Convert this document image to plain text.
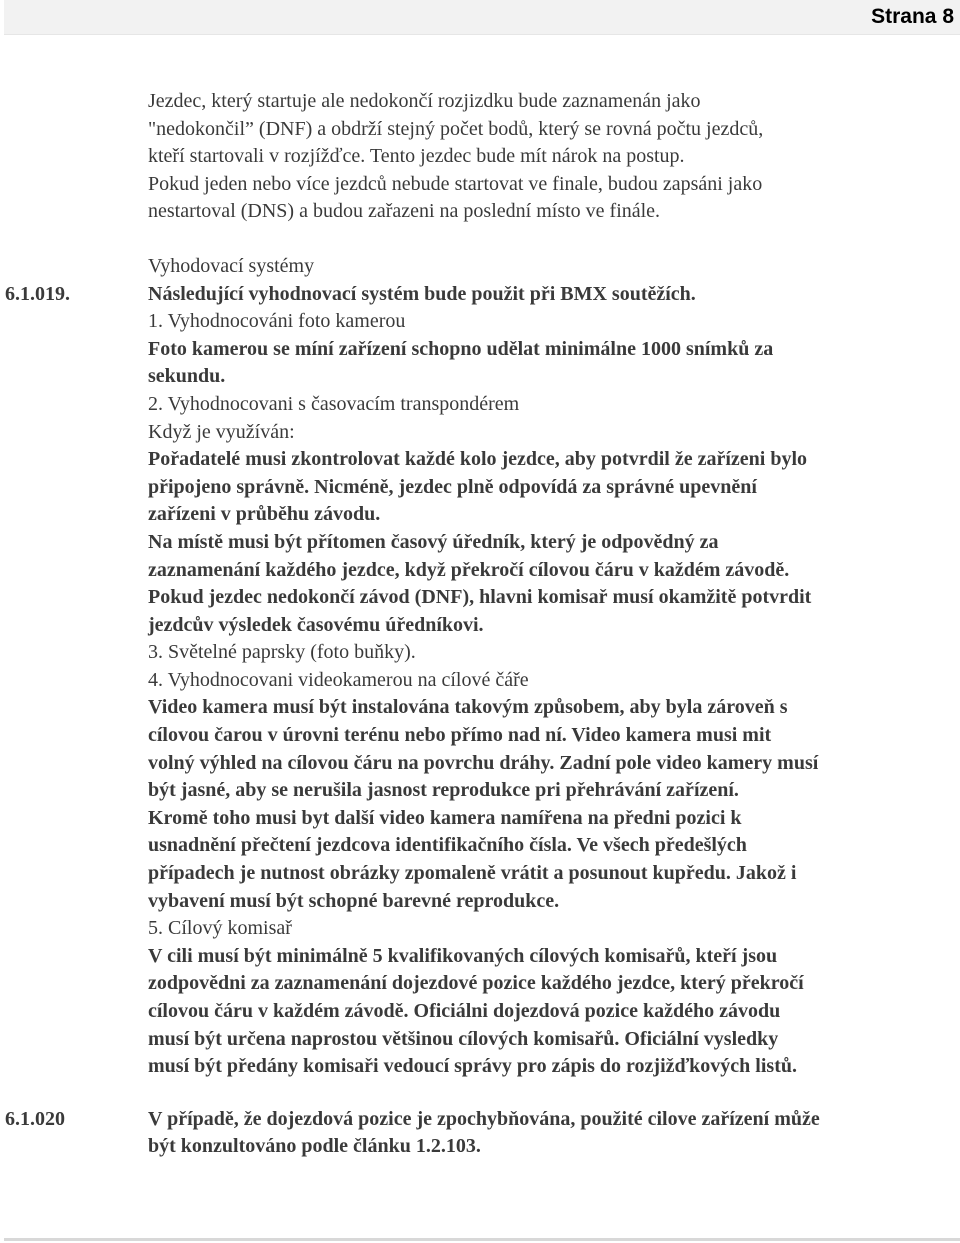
Strana 8
Jezdec, který startuje ale nedokončí rozjizdku bude zaznamenán jako
"nedokončil” (DNF) a obdrží stejný počet bodů, který se rovná počtu jezdců,
kteří startovali v rozjížďce. Tento jezdec bude mít nárok na postup.
Pokud jeden nebo více jezdců nebude startovat ve finale, budou zapsáni jako
nestartoval (DNS) a budou zařazeni na poslední místo ve finále.
Vyhodovací systémy
6.1.019.	Následující vyhodnovací systém bude použit při BMX soutěžích.
1. Vyhodnocováni foto kamerou
Foto kamerou se míní zařízení schopno udělat minimálne 1000 snímků za
sekundu.
2. Vyhodnocovani s časovacím transpondérem
Když je využíván:
Pořadatelé musi zkontrolovat každé kolo jezdce, aby potvrdil že zařízeni bylo
připojeno správně. Nicméně, jezdec plně odpovídá za správné upevnění
zařízeni v průběhu závodu.
Na místě musi být přítomen časový úředník, který je odpovědný za
zaznamenání každého jezdce, když překročí cílovou čáru v každém závodě.
Pokud jezdec nedokončí závod (DNF), hlavni komisař musí okamžitě potvrdit
jezdcův výsledek časovému úředníkovi.
3. Světelné paprsky (foto buňky).
4. Vyhodnocovani videokamerou na cílové čáře
Video kamera musí být instalována takovým způsobem, aby byla zároveň s
cílovou čarou v úrovni terénu nebo přímo nad ní. Video kamera musi mit
volný výhled na cílovou čáru na povrchu dráhy. Zadní pole video kamery musí
být jasné, aby se nerušila jasnost reprodukce pri přehrávání zařízení.
Kromě toho musi byt další video kamera namířena na předni pozici k
usnadnění přečtení jezdcova identifikačního čísla. Ve všech předešlých
případech je nutnost obrázky zpomaleně vrátit a posunout kupředu. Jakož i
vybavení musí být schopné barevné reprodukce.
5. Cílový komisař
V cili musí být minimálně 5 kvalifikovaných cílových komisařů, kteří jsou
zodpovědni za zaznamenání dojezdové pozice každého jezdce, který překročí
cílovou čáru v každém závodě. Oficiálni dojezdová pozice každého závodu
musí být určena naprostou většinou cílových komisařů. Oficiální vysledky
musí být předány komisaři vedoucí správy pro zápis do rozjižďkových listů.
6.1.020	V případě, že dojezdová pozice je zpochybňována, použité cilove zařízení může
být konzultováno podle článku 1.2.103.
